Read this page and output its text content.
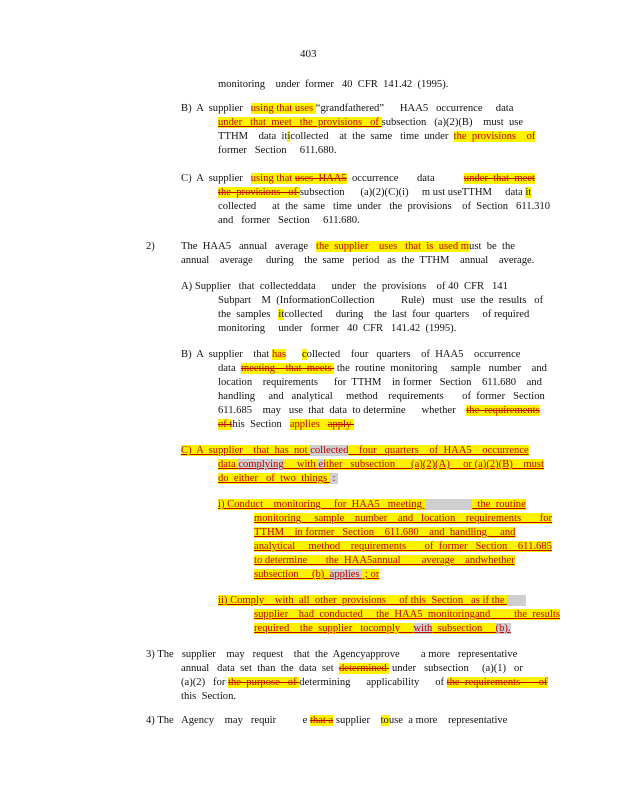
403
monitoring    under  former   40  CFR  141.42  (1995).
B)  A  supplier   using that uses “grandfathered”      HAA5   occurrence     data
under   that  meet   the  provisions   of subsection   (a)(2)(B)    must  use
TTHM    data  iticollected    at  the  same   time  under  the  provisions    of
former   Section     611.680.
C)  A  supplier   using that uses  HAA5  occurrence       data           under  that  meet
the  provisions   of subsection      (a)(2)(C)(i)     m ust useTTHM     data it
collected      at  the  same   time  under   the  provisions    of  Section   611.310
and   former   Section     611.680.
2) The  HAA5   annual   average   the  supplier    uses   that  is  used must  be  the
annual    average     during    the  same   period   as  the  TTHM    annual    average.
A) Supplier   that  collecteddata      under   the  provisions    of 40  CFR   141
Subpart    M  (InformationCollection          Rule)   must   use  the  results   of
the  samples   itcollected     during    the  last  four  quarters     of required
monitoring     under   former   40  CFR   141.42  (1995).
B)  A  supplier    that has collected    four   quarters    of  HAA5    occurrence
data  meeting    that  meets  the  routine  monitoring     sample   number    and
location    requirements      for  TTHM    in former   Section    611.680    and
handling     and   analytical     method    requirements       of  former   Section
611.685    may   use  that  data  to determine      whether    the  requirements
of this  Section   applies   apply
C)  A  supplier    that  has  not collected    four   quarters    of  HAA5    occurrence
data complying     with either   subsection      (a)(2)(A)     or (a)(2)(B)    must
do  either   of  two  things  :
i) Conduct    monitoring     for  HAA5   meeting	the  routine
monitoring     sample    number    and   location    requirements       for
TTHM    in former   Section    611.680    and  handling     and
analytical     method    requirements       of  former   Section    611.685
to determine       the  HAA5annual        average    andwhether
subsection     (b)  applies  ; or
ii) Comply    with  all  other  provisions     of this  Section   as if the
supplier    had  conducted     the  HAA5  monitoringand         the  results
required    the  supplier   tocomply     with  subsection     (b).
3) The   supplier    may   request    that  the  Agencyapprove        a more   representative
annual   data  set  than  the  data  set  determined  under   subsection     (a)(1)   or
(a)(2)   for the  purpose   of determining      applicability      of the  requirements       of
this  Section.
4) The   Agency    may   requir          e that a supplier    touse  a more    representative
